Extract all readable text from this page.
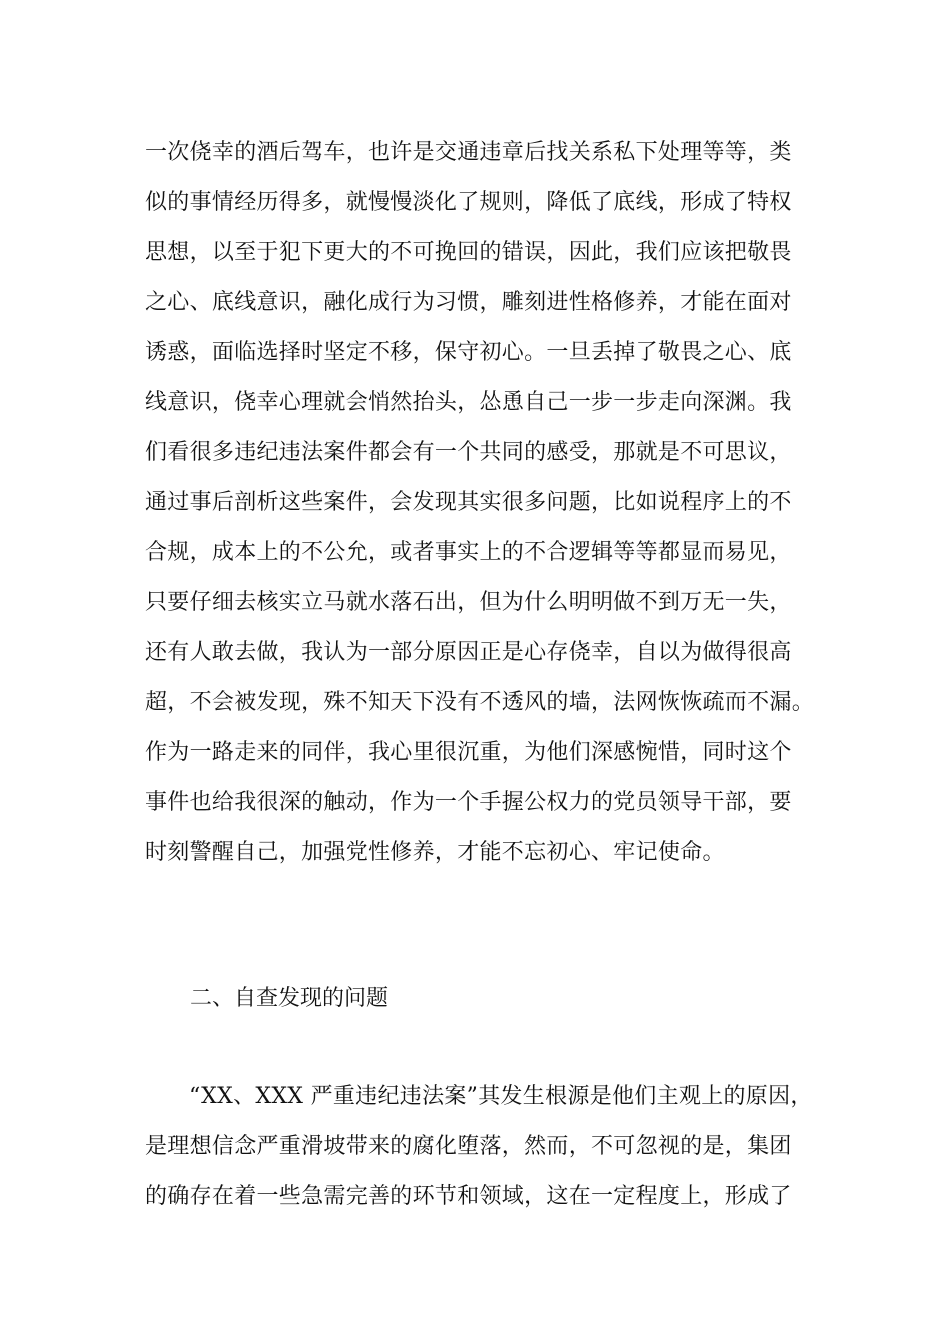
一次侥幸的酒后驾车，也许是交通违章后找关系私下处理等等，类
似的事情经历得多，就慢慢淡化了规则，降低了底线，形成了特权
思想，以至于犯下更大的不可挽回的错误，因此，我们应该把敬畏
之心、底线意识，融化成行为习惯，雕刻进性格修养，才能在面对
诱惑，面临选择时坚定不移，保守初心。一旦丢掉了敬畏之心、底
线意识，侥幸心理就会悄然抬头，怂恿自己一步一步走向深渊。我
们看很多违纪违法案件都会有一个共同的感受，那就是不可思议，
通过事后剖析这些案件，会发现其实很多问题，比如说程序上的不
合规，成本上的不公允，或者事实上的不合逻辑等等都显而易见，
只要仔细去核实立马就水落石出，但为什么明明做不到万无一失，
还有人敢去做，我认为一部分原因正是心存侥幸，自以为做得很高
超，不会被发现，殊不知天下没有不透风的墙，法网恢恢疏而不漏。
作为一路走来的同伴，我心里很沉重，为他们深感惋惜，同时这个
事件也给我很深的触动，作为一个手握公权力的党员领导干部，要
时刻警醒自己，加强党性修养，才能不忘初心、牢记使命。
二、自查发现的问题
“XX、XXX 严重违纪违法案”其发生根源是他们主观上的原因，
是理想信念严重滑坡带来的腐化堕落，然而，不可忽视的是，集团
的确存在着一些急需完善的环节和领域，这在一定程度上，形成了
